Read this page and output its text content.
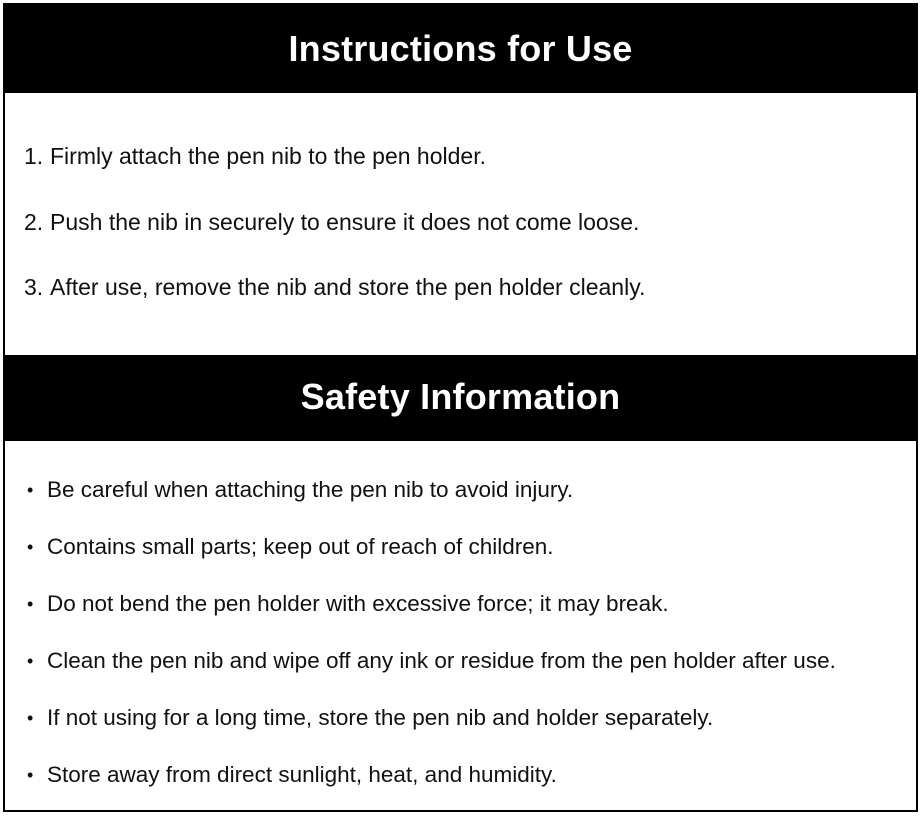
Instructions for Use
1. Firmly attach the pen nib to the pen holder.
2. Push the nib in securely to ensure it does not come loose.
3. After use, remove the nib and store the pen holder cleanly.
Safety Information
• Be careful when attaching the pen nib to avoid injury.
• Contains small parts; keep out of reach of children.
• Do not bend the pen holder with excessive force; it may break.
• Clean the pen nib and wipe off any ink or residue from the pen holder after use.
• If not using for a long time, store the pen nib and holder separately.
• Store away from direct sunlight, heat, and humidity.
